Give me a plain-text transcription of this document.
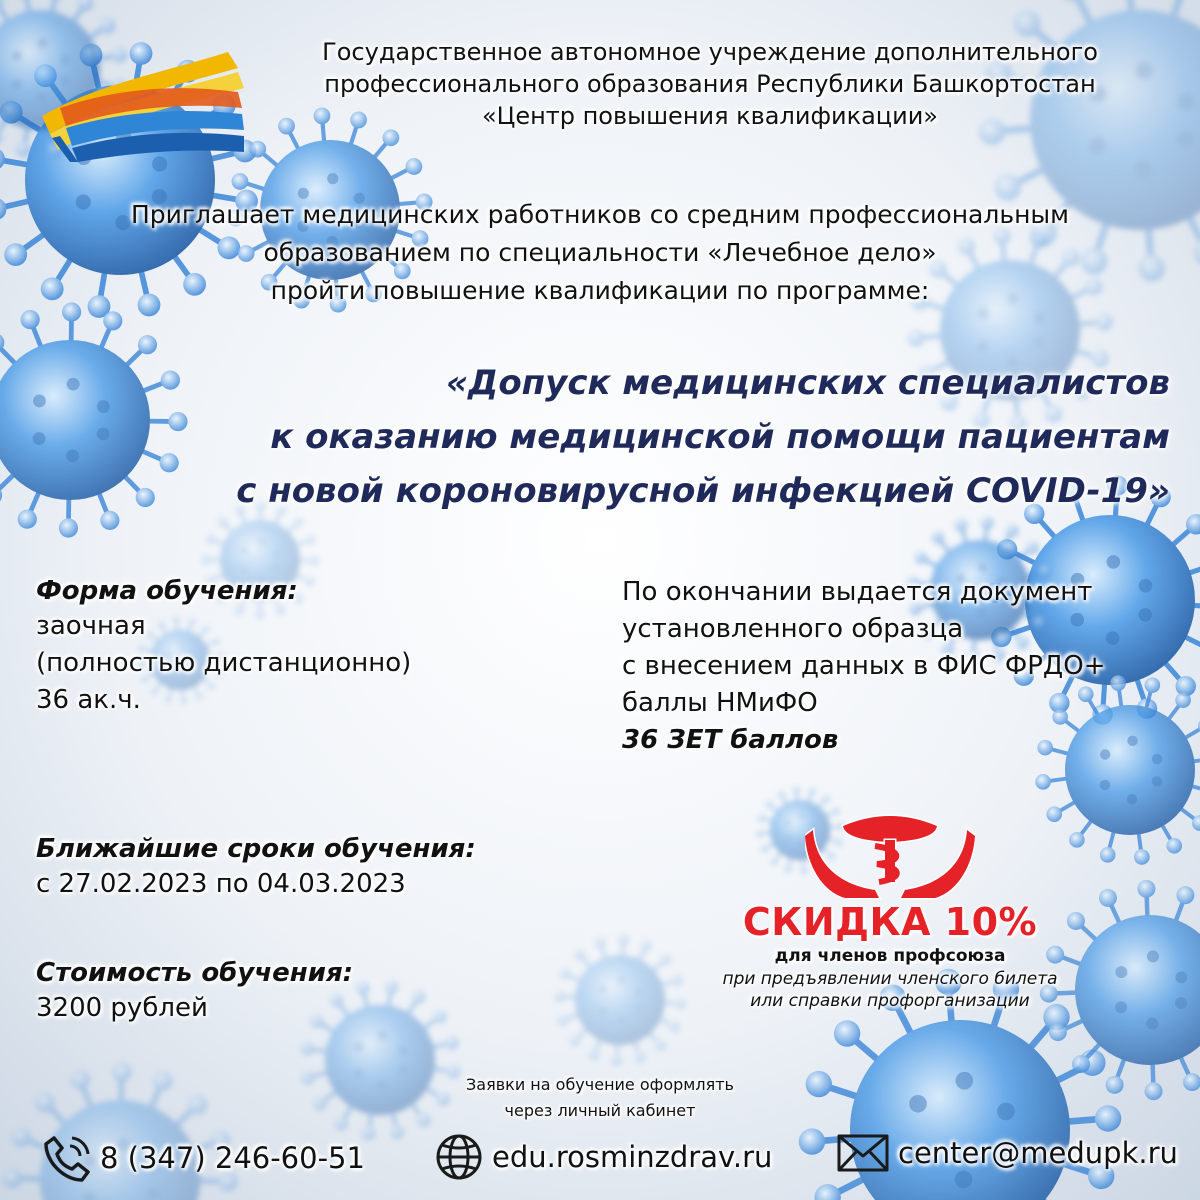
Государственное автономное учреждение дополнительного
профессионального образования Республики Башкортостан
«Центр повышения квалификации»
Приглашает медицинских работников со средним профессиональным
образованием по специальности «Лечебное дело»
пройти повышение квалификации по программе:
«Допуск медицинских специалистов
к оказанию медицинской помощи пациентам
с новой короновирусной инфекцией COVID-19»
Форма обучения:
заочная
(полностью дистанционно)
36 ак.ч.
По окончании выдается документ
установленного образца
с внесением данных в ФИС ФРДО+
баллы НМиФО
36 ЗЕТ баллов
Ближайшие сроки обучения:
с 27.02.2023 по 04.03.2023
Стоимость обучения:
3200 рублей
СКИДКА 10%
для членов профсоюза
при предъявлении членского билета
или справки профорганизации
Заявки на обучение оформлять
через личный кабинет
8 (347) 246-60-51	edu.rosminzdrav.ru	center@medupk.ru
